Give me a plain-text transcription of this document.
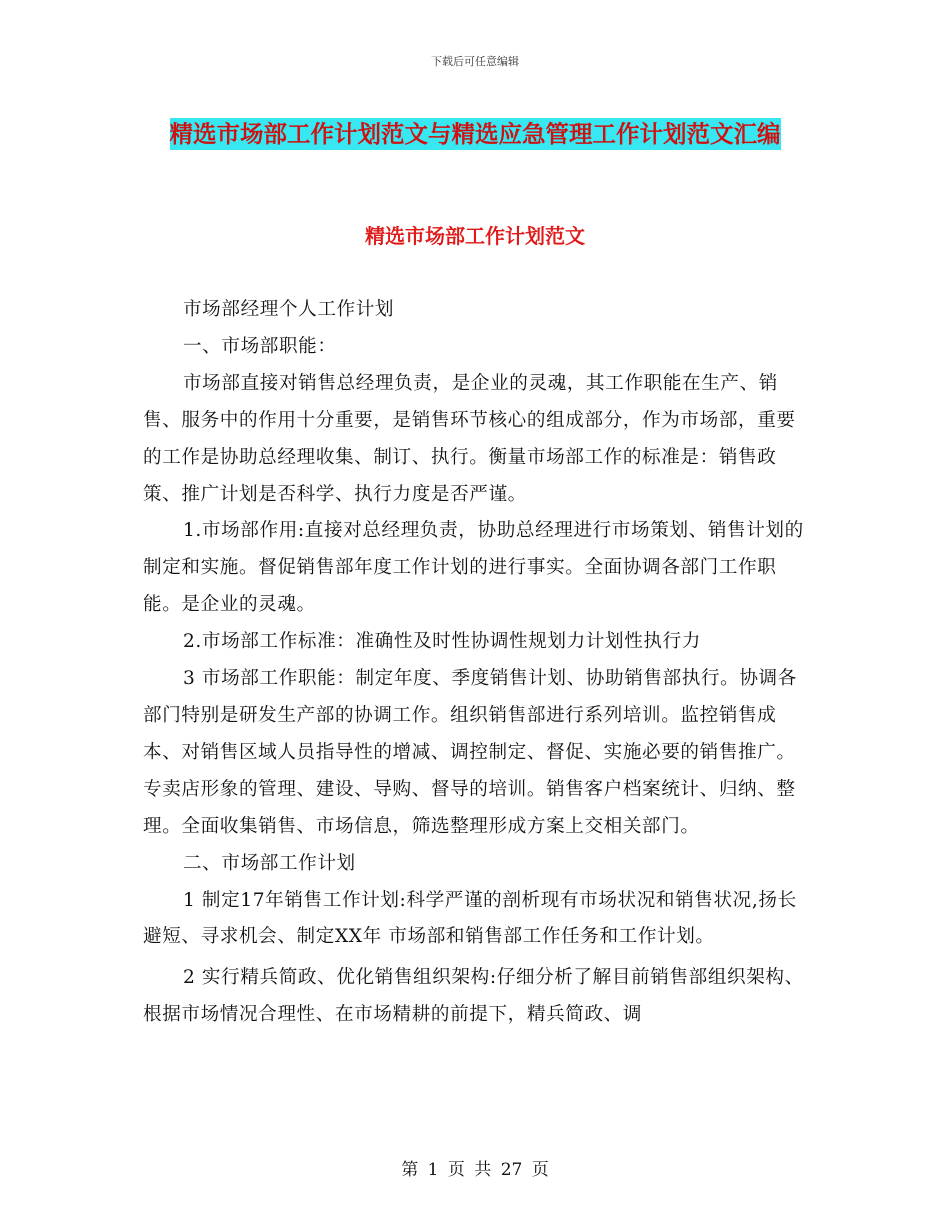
下载后可任意编辑
精选市场部工作计划范文与精选应急管理工作计划范文汇编
精选市场部工作计划范文

市场部经理个人工作计划

一、市场部职能：

市场部直接对销售总经理负责，是企业的灵魂，其工作职能在生产、销售、服务中的作用十分重要，是销售环节核心的组成部分，作为市场部，重要的工作是协助总经理收集、制订、执行。衡量市场部工作的标准是：销售政策、推广计划是否科学、执行力度是否严谨。

1.市场部作用:直接对总经理负责，协助总经理进行市场策划、销售计划的制定和实施。督促销售部年度工作计划的进行事实。全面协调各部门工作职能。是企业的灵魂。

2.市场部工作标准：准确性及时性协调性规划力计划性执行力

3 市场部工作职能：制定年度、季度销售计划、协助销售部执行。协调各部门特别是研发生产部的协调工作。组织销售部进行系列培训。监控销售成本、对销售区域人员指导性的增减、调控制定、督促、实施必要的销售推广。专卖店形象的管理、建设、导购、督导的培训。销售客户档案统计、归纳、整理。全面收集销售、市场信息，筛选整理形成方案上交相关部门。

二、市场部工作计划

1 制定17年销售工作计划:科学严谨的剖析现有市场状况和销售状况,扬长避短、寻求机会、制定XX年 市场部和销售部工作任务和工作计划。

2 实行精兵简政、优化销售组织架构:仔细分析了解目前销售部组织架构、根据市场情况合理性、在市场精耕的前提下，精兵简政、调

第 1 页 共 27 页
